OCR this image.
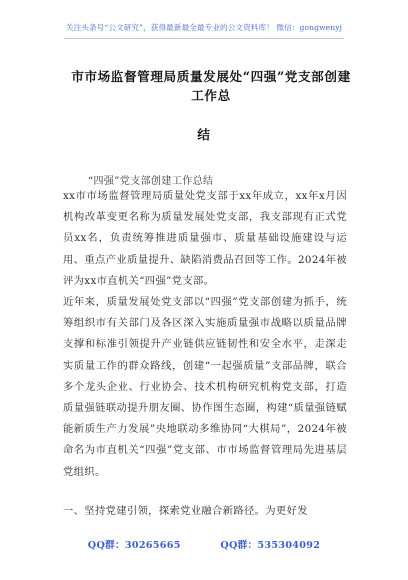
关注头条号“公文研究”，获得最新最全最专业的公文资料库！ 微信：gongwenyj
市市场监督管理局质量发展处“四强”党支部创建工作总
结
“四强”党支部创建工作总结
xx市市场监督管理局质量处党支部于xx年成立，xx年x月因机构改革变更名称为质量发展处党支部，我支部现有正式党员xx名，负责统筹推进质量强市、质量基础设施建设与运用、重点产业质量提升、缺陷消费品召回等工作。2024年被评为xx市直机关“四强”党支部。
近年来，质量发展处党支部以“四强”党支部创建为抓手，统筹组织市有关部门及各区深入实施质量强市战略以质量品牌支撑和标准引领提升产业链供应链韧性和安全水平，走深走实质量工作的群众路线，创建“一起强质量”支部品牌，联合多个龙头企业、行业协会、技术机构研究机构党支部，打造质量强链联动提升朋友圈、协作图生态圈，构建“质量强链赋能新质生产力发展”央地联动多维协同“大棋局”，2024年被命名为市直机关“四强”党支部、市市场监督管理局先进基层党组织。
一、坚持党建引领，探索党业融合新路径。为更好发
QQ群：30265665	QQ群：535304092
